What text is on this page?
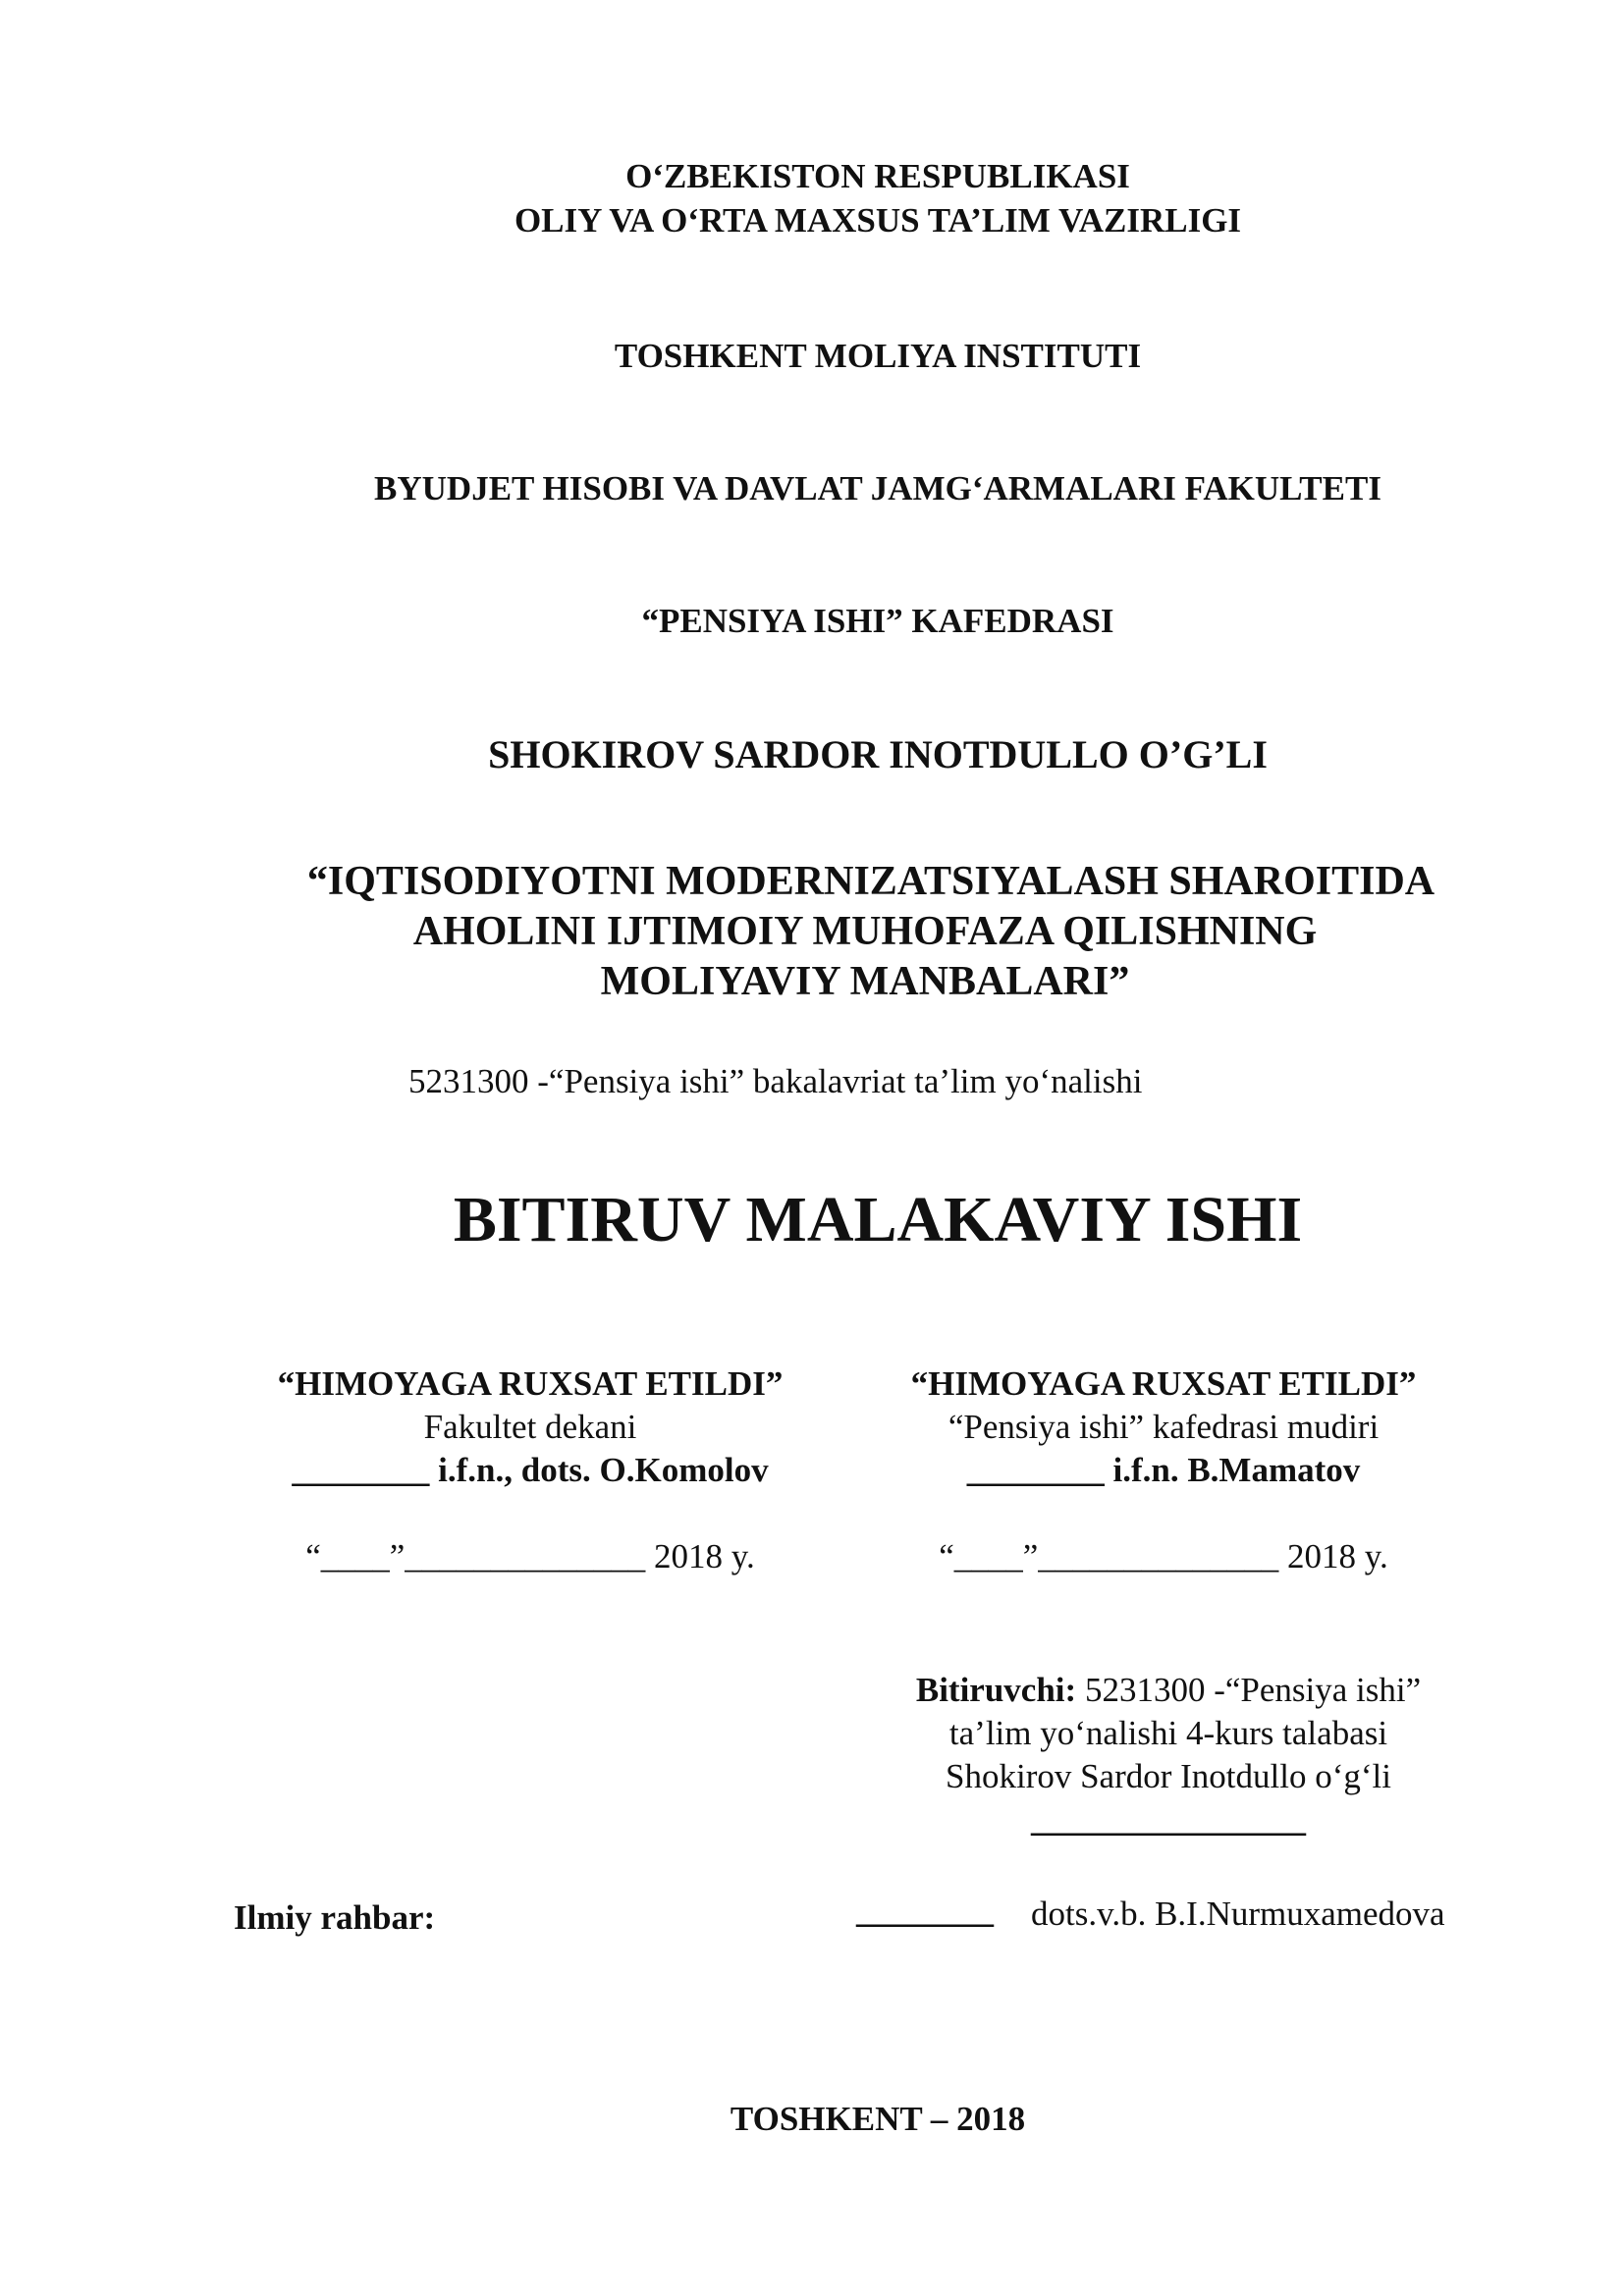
O‘ZBEKISTON RESPUBLIKASI
OLIY VA O‘RTA MAXSUS TA’LIM VAZIRLIGI
TOSHKENT MOLIYA INSTITUTI
BYUDJET HISOBI VA DAVLAT JAMG‘ARMALARI FAKULTETI
“PENSIYA ISHI” KAFEDRASI
SHOKIROV SARDOR INOTDULLO O’G’LI
“IQTISODIYOTNI MODERNIZATSIYALASH SHAROITIDA
AHOLINI IJTIMOIY MUHOFAZA QILISHNING
MOLIYAVIY MANBALARI”
5231300 -“Pensiya ishi” bakalavriat ta’lim yo‘nalishi
BITIRUV MALAKAVIY ISHI
“HIMOYAGA RUXSAT ETILDI”
Fakultet dekani
________ i.f.n., dots. O.Komolov
“____”______________ 2018 y.
“HIMOYAGA RUXSAT ETILDI”
“Pensiya ishi” kafedrasi mudiri
________ i.f.n. B.Mamatov
“____”______________ 2018 y.
Bitiruvchi: 5231300 -“Pensiya ishi”
ta’lim yo‘nalishi 4-kurs talabasi
Shokirov Sardor Inotdullo o‘g‘li
________________
Ilmiy rahbar:	________ dots.v.b. B.I.Nurmuxamedova
TOSHKENT – 2018
